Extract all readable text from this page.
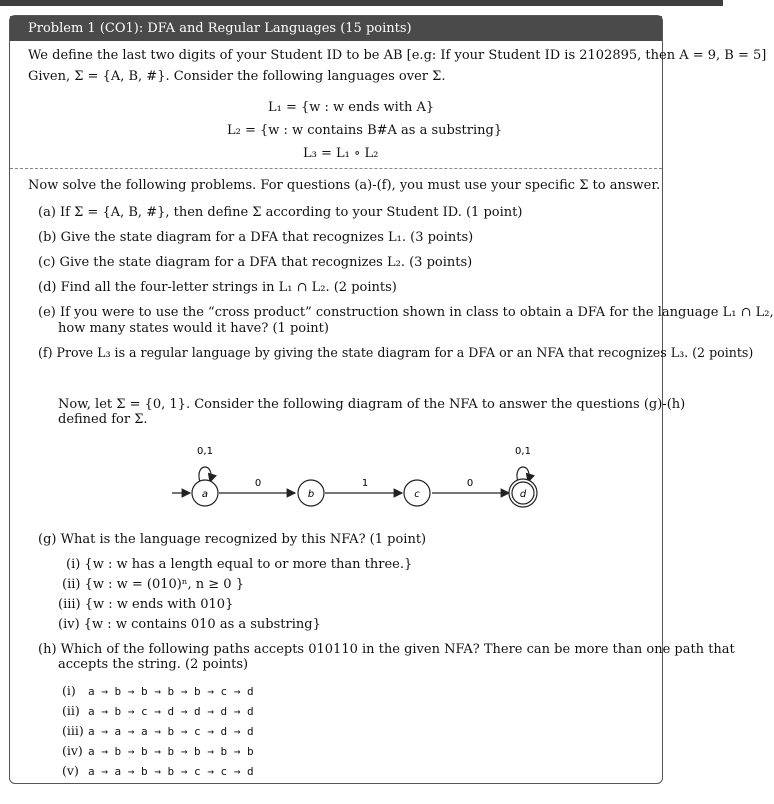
Problem 1 (CO1): DFA and Regular Languages (15 points)
We define the last two digits of your Student ID to be AB [e.g: If your Student ID is 2102895, then A = 9, B = 5]
Given, Σ = {A, B, #}. Consider the following languages over Σ.
L₁ = {w : w ends with A}
L₂ = {w : w contains B#A as a substring}
L₃ = L₁ ∘ L₂
Now solve the following problems. For questions (a)-(f), you must use your specific Σ to answer.
(a) If Σ = {A, B, #}, then define Σ according to your Student ID. (1 point)
(b) Give the state diagram for a DFA that recognizes L₁. (3 points)
(c) Give the state diagram for a DFA that recognizes L₂. (3 points)
(d) Find all the four-letter strings in L₁ ∩ L₂. (2 points)
(e) If you were to use the “cross product” construction shown in class to obtain a DFA for the language L₁ ∩ L₂,
how many states would it have? (1 point)
(f) Prove L₃ is a regular language by giving the state diagram for a DFA or an NFA that recognizes L₃. (2 points)
Now, let Σ = {0, 1}. Consider the following diagram of the NFA to answer the questions (g)-(h)
defined for Σ.
0,1	0,1
0	1	0
a	b	c	d
(g) What is the language recognized by this NFA? (1 point)
(i) {w : w has a length equal to or more than three.}
(ii) {w : w = (010)ⁿ, n ≥ 0 }
(iii) {w : w ends with 010}
(iv) {w : w contains 010 as a substring}
(h) Which of the following paths accepts 010110 in the given NFA? There can be more than one path that
accepts the string. (2 points)
(i) a → b → b → b → b → c → d
(ii) a → b → c → d → d → d → d
(iii) a → a → a → b → c → d → d
(iv) a → b → b → b → b → b → b
(v) a → a → b → b → c → c → d
